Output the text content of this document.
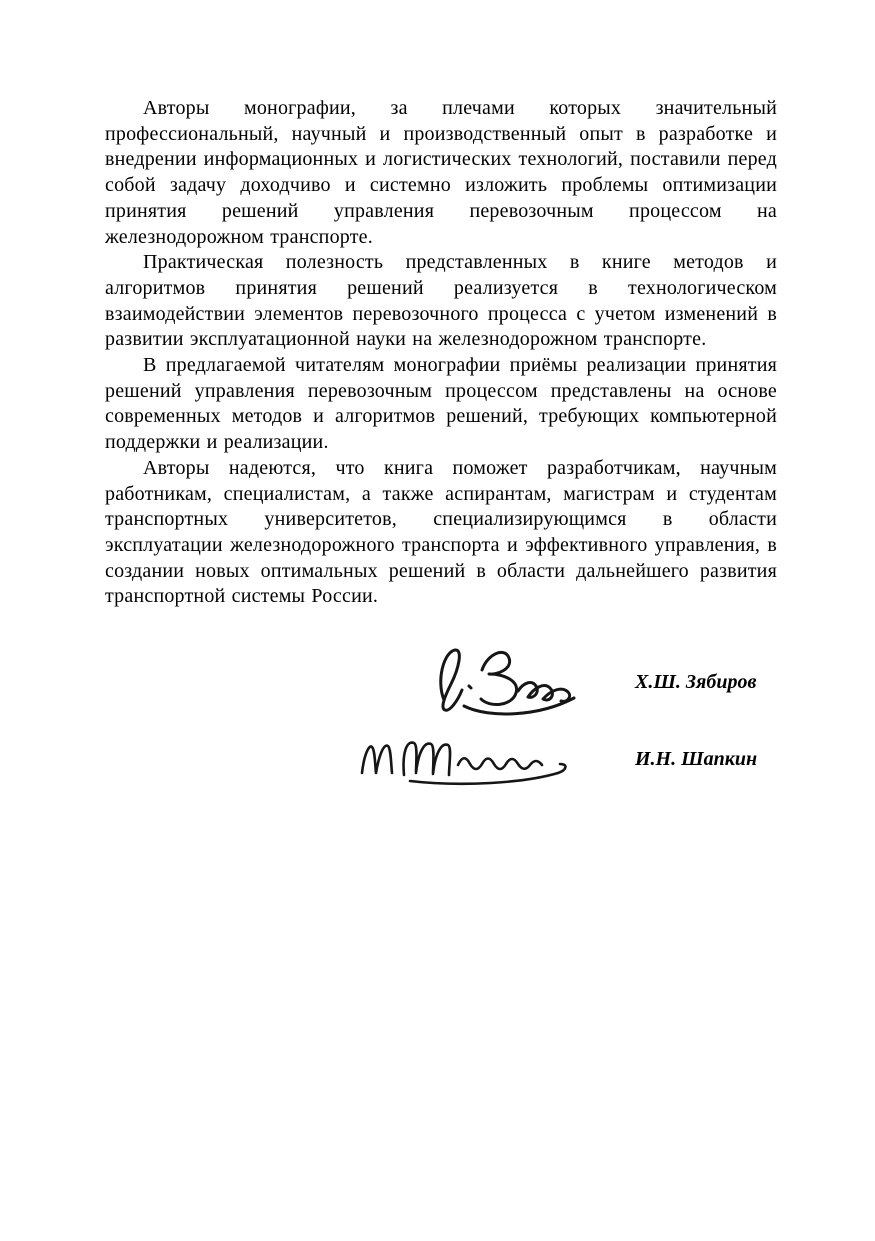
Авторы монографии, за плечами которых значительный профессиональный, научный и производственный опыт в разработке и внедрении информационных и логистических технологий, поставили перед собой задачу доходчиво и системно изложить проблемы оптимизации принятия решений управления перевозочным процессом на железнодорожном транспорте.

Практическая полезность представленных в книге методов и алгоритмов принятия решений реализуется в технологическом взаимодействии элементов перевозочного процесса с учетом изменений в развитии эксплуатационной науки на железнодорожном транспорте.

В предлагаемой читателям монографии приёмы реализации принятия решений управления перевозочным процессом представлены на основе современных методов и алгоритмов решений, требующих компьютерной поддержки и реализации.

Авторы надеются, что книга поможет разработчикам, научным работникам, специалистам, а также аспирантам, магистрам и студентам транспортных университетов, специализирующимся в области эксплуатации железнодорожного транспорта и эффективного управления, в создании новых оптимальных решений в области дальнейшего развития транспортной системы России.

Х.Ш. Зябиров
И.Н. Шапкин
